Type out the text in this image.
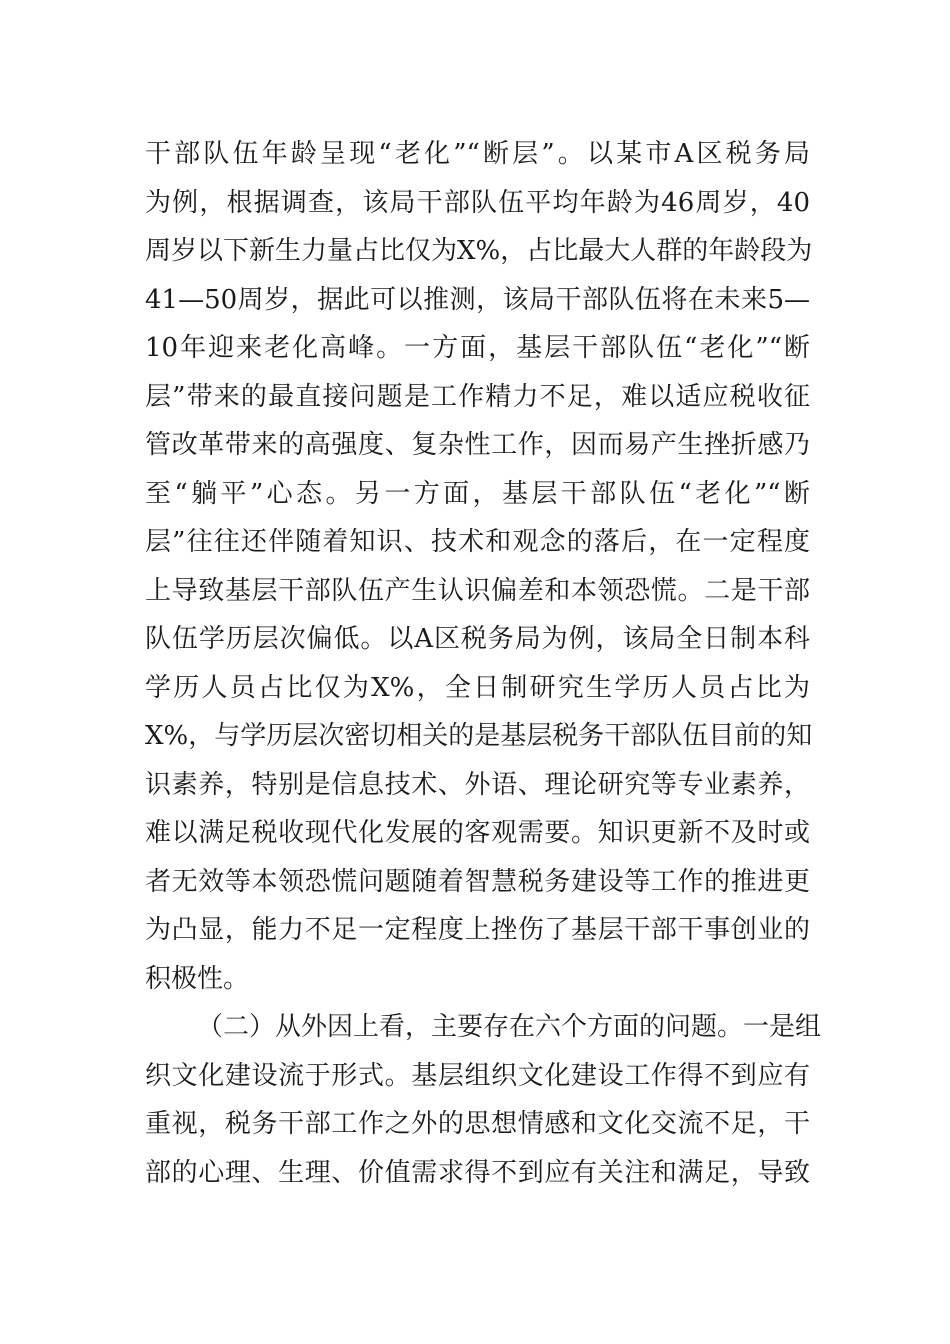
干部队伍年龄呈现“老化”“断层”。以某市A区税务局
为例，根据调查，该局干部队伍平均年龄为46周岁，40
周岁以下新生力量占比仅为X%，占比最大人群的年龄段为
41—50周岁，据此可以推测，该局干部队伍将在未来5—
10年迎来老化高峰。一方面，基层干部队伍“老化”“断
层”带来的最直接问题是工作精力不足，难以适应税收征
管改革带来的高强度、复杂性工作，因而易产生挫折感乃
至“躺平”心态。另一方面，基层干部队伍“老化”“断
层”往往还伴随着知识、技术和观念的落后，在一定程度
上导致基层干部队伍产生认识偏差和本领恐慌。二是干部
队伍学历层次偏低。以A区税务局为例，该局全日制本科
学历人员占比仅为X%，全日制研究生学历人员占比为
X%，与学历层次密切相关的是基层税务干部队伍目前的知
识素养，特别是信息技术、外语、理论研究等专业素养，
难以满足税收现代化发展的客观需要。知识更新不及时或
者无效等本领恐慌问题随着智慧税务建设等工作的推进更
为凸显，能力不足一定程度上挫伤了基层干部干事创业的
积极性。
（二）从外因上看，主要存在六个方面的问题。一是组
织文化建设流于形式。基层组织文化建设工作得不到应有
重视，税务干部工作之外的思想情感和文化交流不足，干
部的心理、生理、价值需求得不到应有关注和满足，导致
